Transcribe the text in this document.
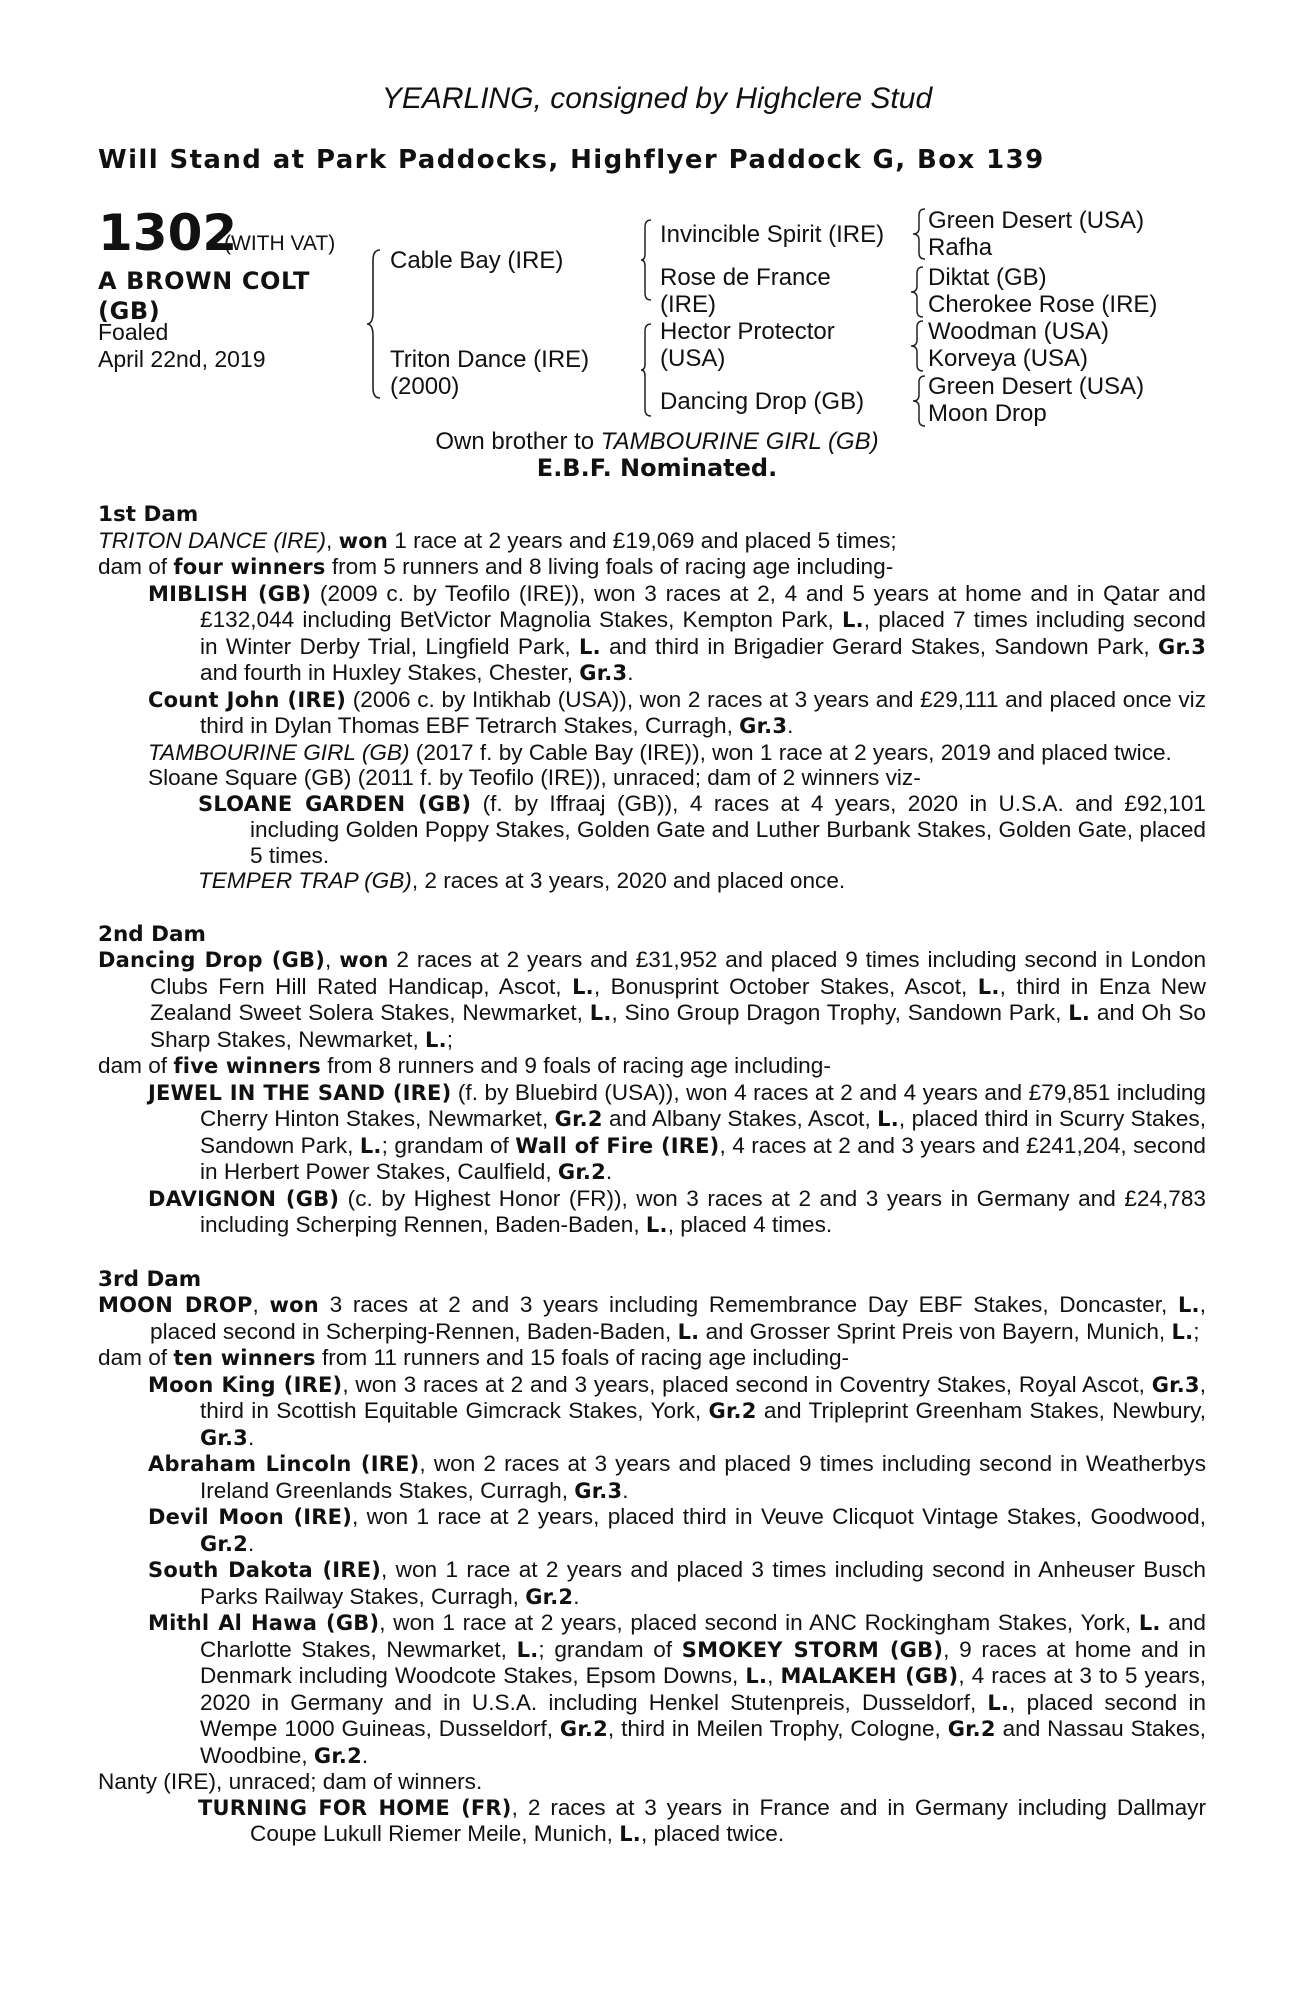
YEARLING, consigned by Highclere Stud
Will Stand at Park Paddocks, Highflyer Paddock G, Box 139
1302
(WITH VAT)
A BROWN COLT
(GB)
Foaled
April 22nd, 2019
Cable Bay (IRE)
Triton Dance (IRE)
(2000)
Invincible Spirit (IRE)
Rose de France
(IRE)
Hector Protector
(USA)
Dancing Drop (GB)
Green Desert (USA)
Rafha
Diktat (GB)
Cherokee Rose (IRE)
Woodman (USA)
Korveya (USA)
Green Desert (USA)
Moon Drop
Own brother to TAMBOURINE GIRL (GB)
E.B.F. Nominated.
1st Dam
TRITON DANCE (IRE), won 1 race at 2 years and £19,069 and placed 5 times;
dam of four winners from 5 runners and 8 living foals of racing age including-
MIBLISH (GB) (2009 c. by Teofilo (IRE)), won 3 races at 2, 4 and 5 years at home and in Qatar and £132,044 including BetVictor Magnolia Stakes, Kempton Park, L., placed 7 times including second in Winter Derby Trial, Lingfield Park, L. and third in Brigadier Gerard Stakes, Sandown Park, Gr.3 and fourth in Huxley Stakes, Chester, Gr.3.
Count John (IRE) (2006 c. by Intikhab (USA)), won 2 races at 3 years and £29,111 and placed once viz third in Dylan Thomas EBF Tetrarch Stakes, Curragh, Gr.3.
TAMBOURINE GIRL (GB) (2017 f. by Cable Bay (IRE)), won 1 race at 2 years, 2019 and placed twice.
Sloane Square (GB) (2011 f. by Teofilo (IRE)), unraced; dam of 2 winners viz-
SLOANE GARDEN (GB) (f. by Iffraaj (GB)), 4 races at 4 years, 2020 in U.S.A. and £92,101 including Golden Poppy Stakes, Golden Gate and Luther Burbank Stakes, Golden Gate, placed 5 times.
TEMPER TRAP (GB), 2 races at 3 years, 2020 and placed once.
2nd Dam
Dancing Drop (GB), won 2 races at 2 years and £31,952 and placed 9 times including second in London Clubs Fern Hill Rated Handicap, Ascot, L., Bonusprint October Stakes, Ascot, L., third in Enza New Zealand Sweet Solera Stakes, Newmarket, L., Sino Group Dragon Trophy, Sandown Park, L. and Oh So Sharp Stakes, Newmarket, L.;
dam of five winners from 8 runners and 9 foals of racing age including-
JEWEL IN THE SAND (IRE) (f. by Bluebird (USA)), won 4 races at 2 and 4 years and £79,851 including Cherry Hinton Stakes, Newmarket, Gr.2 and Albany Stakes, Ascot, L., placed third in Scurry Stakes, Sandown Park, L.; grandam of Wall of Fire (IRE), 4 races at 2 and 3 years and £241,204, second in Herbert Power Stakes, Caulfield, Gr.2.
DAVIGNON (GB) (c. by Highest Honor (FR)), won 3 races at 2 and 3 years in Germany and £24,783 including Scherping Rennen, Baden-Baden, L., placed 4 times.
3rd Dam
MOON DROP, won 3 races at 2 and 3 years including Remembrance Day EBF Stakes, Doncaster, L., placed second in Scherping-Rennen, Baden-Baden, L. and Grosser Sprint Preis von Bayern, Munich, L.;
dam of ten winners from 11 runners and 15 foals of racing age including-
Moon King (IRE), won 3 races at 2 and 3 years, placed second in Coventry Stakes, Royal Ascot, Gr.3, third in Scottish Equitable Gimcrack Stakes, York, Gr.2 and Tripleprint Greenham Stakes, Newbury, Gr.3.
Abraham Lincoln (IRE), won 2 races at 3 years and placed 9 times including second in Weatherbys Ireland Greenlands Stakes, Curragh, Gr.3.
Devil Moon (IRE), won 1 race at 2 years, placed third in Veuve Clicquot Vintage Stakes, Goodwood, Gr.2.
South Dakota (IRE), won 1 race at 2 years and placed 3 times including second in Anheuser Busch Parks Railway Stakes, Curragh, Gr.2.
Mithl Al Hawa (GB), won 1 race at 2 years, placed second in ANC Rockingham Stakes, York, L. and Charlotte Stakes, Newmarket, L.; grandam of SMOKEY STORM (GB), 9 races at home and in Denmark including Woodcote Stakes, Epsom Downs, L., MALAKEH (GB), 4 races at 3 to 5 years, 2020 in Germany and in U.S.A. including Henkel Stutenpreis, Dusseldorf, L., placed second in Wempe 1000 Guineas, Dusseldorf, Gr.2, third in Meilen Trophy, Cologne, Gr.2 and Nassau Stakes, Woodbine, Gr.2.
Nanty (IRE), unraced; dam of winners.
TURNING FOR HOME (FR), 2 races at 3 years in France and in Germany including Dallmayr Coupe Lukull Riemer Meile, Munich, L., placed twice.
